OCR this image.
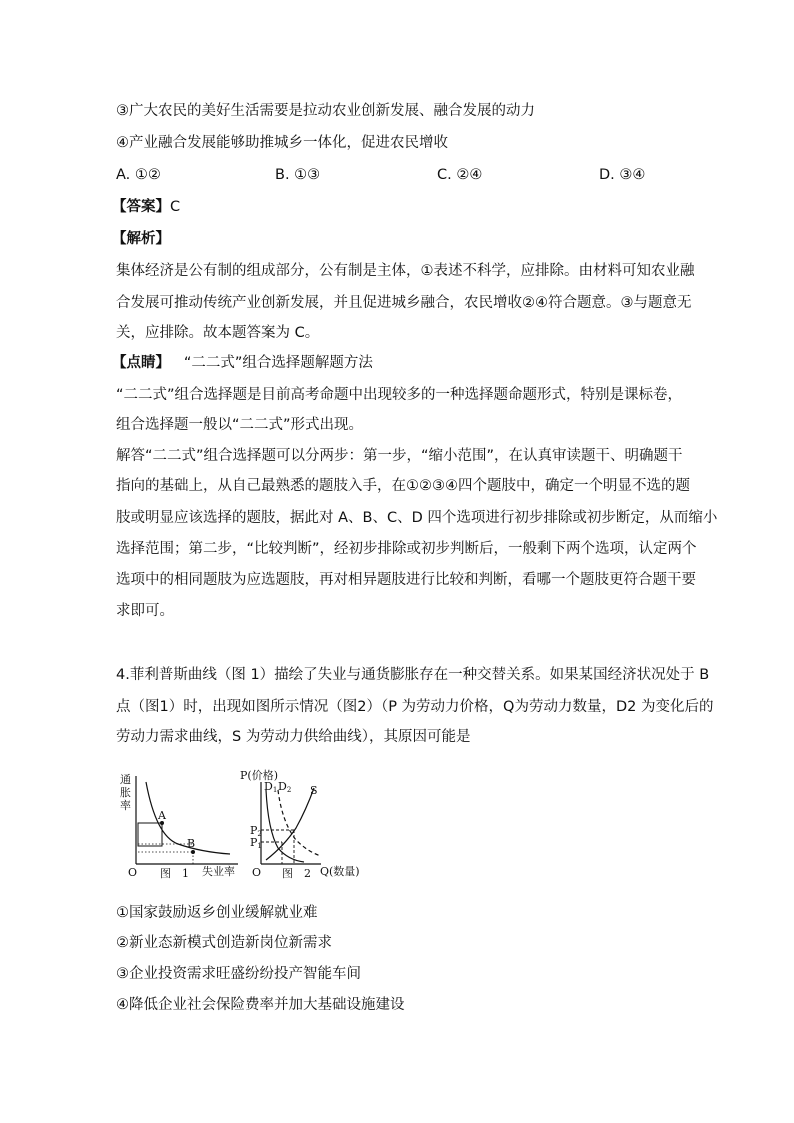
③广大农民的美好生活需要是拉动农业创新发展、融合发展的动力
④产业融合发展能够助推城乡一体化，促进农民增收
A. ①②	B. ①③	C. ②④	D. ③④
【答案】C
【解析】
集体经济是公有制的组成部分，公有制是主体，①表述不科学，应排除。由材料可知农业融
合发展可推动传统产业创新发展，并且促进城乡融合，农民增收②④符合题意。③与题意无
关，应排除。故本题答案为 C。
【点睛】 “二二式”组合选择题解题方法
“二二式”组合选择题是目前高考命题中出现较多的一种选择题命题形式，特别是课标卷，
组合选择题一般以“二二式”形式出现。
解答“二二式”组合选择题可以分两步：第一步，“缩小范围”，在认真审读题干、明确题干
指向的基础上，从自己最熟悉的题肢入手，在①②③④四个题肢中，确定一个明显不选的题
肢或明显应该选择的题肢，据此对 A、B、C、D 四个选项进行初步排除或初步断定，从而缩小
选择范围；第二步，“比较判断”，经初步排除或初步判断后，一般剩下两个选项，认定两个
选项中的相同题肢为应选题肢，再对相异题肢进行比较和判断，看哪一个题肢更符合题干要
求即可。
4.菲利普斯曲线（图 1）描绘了失业与通货膨胀存在一种交替关系。如果某国经济状况处于 B
点（图1）时，出现如图所示情况（图2）（P 为劳动力价格，Q为劳动力数量，D2 为变化后的
劳动力需求曲线，S 为劳动力供给曲线），其原因可能是
通
胀
率
A
B
O 图　1 失业率
P(价格)
D1 D2 S
P2
P1
O 图　2 Q(数量)
①国家鼓励返乡创业缓解就业难
②新业态新模式创造新岗位新需求
③企业投资需求旺盛纷纷投产智能车间
④降低企业社会保险费率并加大基础设施建设
